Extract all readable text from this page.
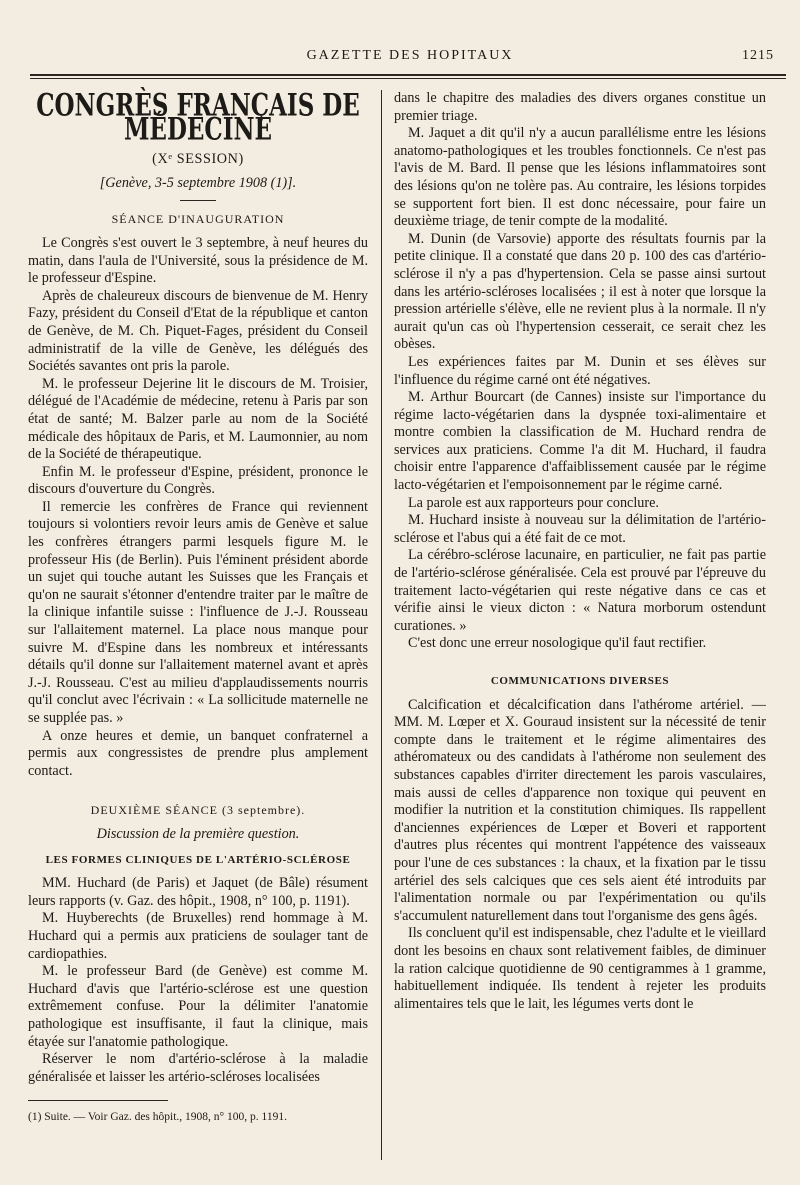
GAZETTE DES HOPITAUX	1215
CONGRÈS FRANÇAIS DE MÉDECINE

(Xᵉ SESSION)

[Genève, 3-5 septembre 1908 (1)].

SÉANCE D'INAUGURATION

Le Congrès s'est ouvert le 3 septembre, à neuf heures du matin, dans l'aula de l'Université, sous la présidence de M. le professeur d'Espine.

Après de chaleureux discours de bienvenue de M. Henry Fazy, président du Conseil d'Etat de la république et canton de Genève, de M. Ch. Piquet-Fages, président du Conseil administratif de la ville de Genève, les délégués des Sociétés savantes ont pris la parole.

M. le professeur Dejerine lit le discours de M. Troisier, délégué de l'Académie de médecine, retenu à Paris par son état de santé; M. Balzer parle au nom de la Société médicale des hôpitaux de Paris, et M. Laumonnier, au nom de la Société de thérapeutique.

Enfin M. le professeur d'Espine, président, prononce le discours d'ouverture du Congrès.

Il remercie les confrères de France qui reviennent toujours si volontiers revoir leurs amis de Genève et salue les confrères étrangers parmi lesquels figure M. le professeur His (de Berlin). Puis l'éminent président aborde un sujet qui touche autant les Suisses que les Français et qu'on ne saurait s'étonner d'entendre traiter par le maître de la clinique infantile suisse : l'influence de J.-J. Rousseau sur l'allaitement maternel. La place nous manque pour suivre M. d'Espine dans les nombreux et intéressants détails qu'il donne sur l'allaitement maternel avant et après J.-J. Rousseau. C'est au milieu d'applaudissements nourris qu'il conclut avec l'écrivain : « La sollicitude maternelle ne se supplée pas. »

A onze heures et demie, un banquet confraternel a permis aux congressistes de prendre plus amplement contact.

DEUXIÈME SÉANCE (3 septembre).

Discussion de la première question.

LES FORMES CLINIQUES DE L'ARTÉRIO-SCLÉROSE

MM. Huchard (de Paris) et Jaquet (de Bâle) résument leurs rapports (v. Gaz. des hôpit., 1908, n° 100, p. 1191).

M. Huyberechts (de Bruxelles) rend hommage à M. Huchard qui a permis aux praticiens de soulager tant de cardiopathies.

M. le professeur Bard (de Genève) est comme M. Huchard d'avis que l'artério-sclérose est une question extrêmement confuse. Pour la délimiter l'anatomie pathologique est insuffisante, il faut la clinique, mais étayée sur l'anatomie pathologique.

Réserver le nom d'artério-sclérose à la maladie généralisée et laisser les artério-scléroses localisées

(1) Suite. — Voir Gaz. des hôpit., 1908, n° 100, p. 1191.

dans le chapitre des maladies des divers organes constitue un premier triage.

M. Jaquet a dit qu'il n'y a aucun parallélisme entre les lésions anatomo-pathologiques et les troubles fonctionnels. Ce n'est pas l'avis de M. Bard. Il pense que les lésions inflammatoires sont des lésions qu'on ne tolère pas. Au contraire, les lésions torpides se supportent fort bien. Il est donc nécessaire, pour faire un deuxième triage, de tenir compte de la modalité.

M. Dunin (de Varsovie) apporte des résultats fournis par la petite clinique. Il a constaté que dans 20 p. 100 des cas d'artério-sclérose il n'y a pas d'hypertension. Cela se passe ainsi surtout dans les artério-scléroses localisées ; il est à noter que lorsque la pression artérielle s'élève, elle ne revient plus à la normale. Il n'y aurait qu'un cas où l'hypertension cesserait, ce serait chez les obèses.

Les expériences faites par M. Dunin et ses élèves sur l'influence du régime carné ont été négatives.

M. Arthur Bourcart (de Cannes) insiste sur l'importance du régime lacto-végétarien dans la dyspnée toxi-alimentaire et montre combien la classification de M. Huchard rendra de services aux praticiens. Comme l'a dit M. Huchard, il faudra choisir entre l'apparence d'affaiblissement causée par le régime lacto-végétarien et l'empoisonnement par le régime carné.

La parole est aux rapporteurs pour conclure.

M. Huchard insiste à nouveau sur la délimitation de l'artério-sclérose et l'abus qui a été fait de ce mot.

La cérébro-sclérose lacunaire, en particulier, ne fait pas partie de l'artério-sclérose généralisée. Cela est prouvé par l'épreuve du traitement lacto-végétarien qui reste négative dans ce cas et vérifie ainsi le vieux dicton : « Natura morborum ostendunt curationes. »

C'est donc une erreur nosologique qu'il faut rectifier.

COMMUNICATIONS DIVERSES

Calcification et décalcification dans l'athérome artériel. — MM. M. Lœper et X. Gouraud insistent sur la nécessité de tenir compte dans le traitement et le régime alimentaires des athéromateux ou des candidats à l'athérome non seulement des substances capables d'irriter directement les parois vasculaires, mais aussi de celles d'apparence non toxique qui peuvent en modifier la nutrition et la constitution chimiques. Ils rappellent d'anciennes expériences de Lœper et Boveri et rapportent d'autres plus récentes qui montrent l'appétence des vaisseaux pour l'une de ces substances : la chaux, et la fixation par le tissu artériel des sels calciques que ces sels aient été introduits par l'alimentation normale ou par l'expérimentation ou qu'ils s'accumulent naturellement dans tout l'organisme des gens âgés.

Ils concluent qu'il est indispensable, chez l'adulte et le vieillard dont les besoins en chaux sont relativement faibles, de diminuer la ration calcique quotidienne de 90 centigrammes à 1 gramme, habituellement indiquée. Ils tendent à rejeter les produits alimentaires tels que le lait, les légumes verts dont le
